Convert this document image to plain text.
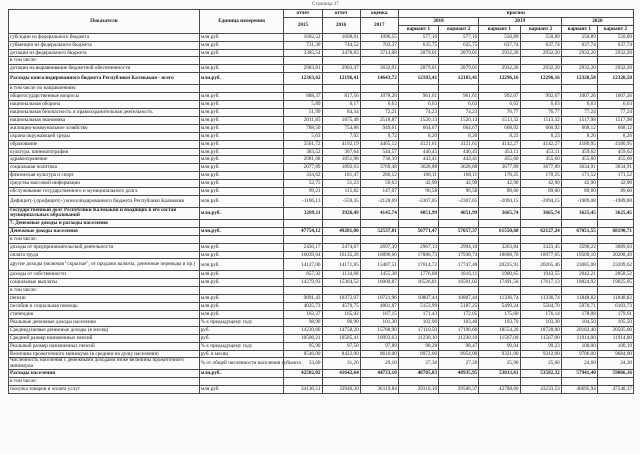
Страница 37
Показатели	Единица измерения	отчет	отчет	оценка	прогноз					
		2015	2016	2017	2018		2019		2020	
					вариант 1	вариант 2	вариант 1	вариант 2	вариант 1	вариант 2
субсидии из федерального бюджета	млн.руб.	1602,52	1608,01	1096,55	577,16	577,16	550,89	550,89	550,89	550,89
субвенции из федерального бюджета	млн.руб.	731,30	744,52	703,37	635,75	635,75	637,74	637,74	637,74	637,74
дотации из федерального бюджета	млн.руб.	3385,54	3478,83	3714,08	2879,01	2879,01	2932,20	2932,20	2932,20	2932,20
в том числе:										
дотации на выравнивание бюджетной обеспеченности	млн.руб.	2983,81	2903,47	3632,91	2879,01	2879,01	2932,20	2932,20	2932,20	2932,20
Расходы консолидированного бюджета Республики Калмыкия - всего	млн.руб.	12363,62	12196,41	14643,72	12183,41	12183,41	12296,16	12296,16	12320,58	12320,58
в том числе по направлениям:										
общегосударственные вопросы	млн.руб.	888,37	817,56	1078,28	961,61	961,61	992,67	992,67	1007,26	1007,26
национальная оборона	млн.руб.	5,89	6,17	6,63	6,63	6,63	6,63	6,63	6,63	6,63
национальная безопасность и правоохранительная деятельность	млн.руб.	51,99	84,34	72,21	74,23	74,23	76,77	76,77	77,24	77,24
национальная экономика	млн.руб.	2011,85	1875,48	2518,87	1520,13	1520,13	1513,32	1513,32	1517,98	1517,98
жилищно-коммунальное хозяйство	млн.руб.	788,50	754,88	949,61	664,67	664,67	668,92	660,92	668,12	668,12
охрана окружающей среды	млн.руб.	5,63	7,02	9,72	8,20	8,20	8,23	8,23	8,26	8,26
образование	млн.руб.	3561,72	4192,19	4465,12	4121,61	4121,61	4142,27	4142,27	4180,95	4180,95
культура, кинематография	млн.руб.	383,52	367,64	544,57	446,45	446,45	453,11	453,11	459,62	459,62
здравоохранение	млн.руб.	2081,68	1851,98	736,39	443,41	443,41	455,60	455,60	455,60	455,60
социальная политика	млн.руб.	2077,89	1892,63	3769,48	3628,88	3628,88	3677,89	3677,89	3634,91	3634,91
физическая культура и спорт	млн.руб.	334,62	181,47	286,12	168,11	168,11	170,25	170,25	171,52	171,52
средства массовой информации	млн.руб.	52,75	51,23	59,63	42,90	42,90	42,90	42,90	42,90	42,90
обслуживание государственного и муниципального долга	млн.руб.	99,21	115,82	147,07	96,58	96,58	89,60	89,60	89,60	89,60
Дефицит(-),профицит(+) консолидированного бюджета Республики Калмыкия	млн.руб.	-1106,13	-559,35	-2128,69	-2307,05	-2307,05	-2094,15	-2094,15	-1989,08	-1989,08
Государственный долг Республики Калмыкия и входящих в его состав муниципальных образований	млн.руб.	3289,11	3926,49	4145,74	4051,99	4051,99	3665,74	3665,74	3625,45	3625,45
7. Денежные доходы и расходы населения										
Денежные доходы населения	млн.руб.	47754,12	49281,00	52537,81	56771,47	57057,37	61550,68	62127,24	67051,55	68190,71
в том числе:										
доходы от предпринимательской деятельности	млн.руб.	2450,17	2474,67	2697,39	2967,13	2994,10	3263,84	3323,45	3590,22	3689,03
оплата труда	млн.руб.	16039,64	16135,28	16896,66	17886,73	17938,74	18668,70	18977,65	19509,10	20208,49
другие доходы (включая "скрытые", от продажи валюты, денежные переводы и пр.)	млн.руб.	14127,06	14171,85	15487,51	17614,72	17747,40	20225,93	20265,46	23085,08	23209,62
доходы от собственности	млн.руб.	857,32	1134,68	1455,38	1776,08	1816,11	1900,65	1943,55	2042,21	2058,52
социальные выплаты	млн.руб.	14279,93	15364,52	16000,87	16526,81	16591,02	17491,56	17617,13	18824,92	19025,05
в том числе:										
пенсии	млн.руб.	9891,43	10372,07	10721,96	10807,44	10807,44	11336,74	11336,74	11848,82	11848,82
пособия и социальная помощь	млн.руб.	4025,73	4570,75	4801,87	5153,99	5187,25	5499,24	5564,70	5976,71	6103,73
стипендии	млн.руб.	162,37	165,02	167,15	171,43	172,05	175,60	176,14	178,08	179,61
Реальные денежные доходы населения	% к предыдущему году	98,90	96,90	101,30	102,90	103,40	103,70	103,30	104,50	105,50
Среднедушевые денежные доходы (в месяц)	руб.	14230,60	14758,20	15788,90	17110,50	17196,60	18554,20	18728,00	20182,40	20505,00
Средний размер назначенных пенсий	руб.	10506,21	10585,41	10993,03	11230,10	11230,10	11567,00	11567,00	11914,00	11914,00
Реальный размер назначенных пенсий	% к предыдущему году	95,90	97,50	97,89	98,28	98,47	99,04	99,23	100,00	100,19
Величина прожиточного минимума (в среднем на душу населения)	руб. в месяц	8546,00	8422,00	8610,00	8972,00	8954,00	9321,00	9312,00	9706,00	9684,00
Численность населения с денежными доходами ниже величины прожиточного минимума	% от общей численности населения субъекта	33,60	31,20	29,10	27,30	27,20	25,90	25,60	24,60	24,30
Расходы населения	млн.руб.	42502,02	41642,64	44733,10	48705,83	48935,95	53013,61	53582,32	57941,40	59066,16
в том числе:										
покупка товаров и оплата услуг	млн.руб.	34130,51	33946,30	36119,84	39318,16	39506,37	42788,60	43233,53	46695,94	47548,37
